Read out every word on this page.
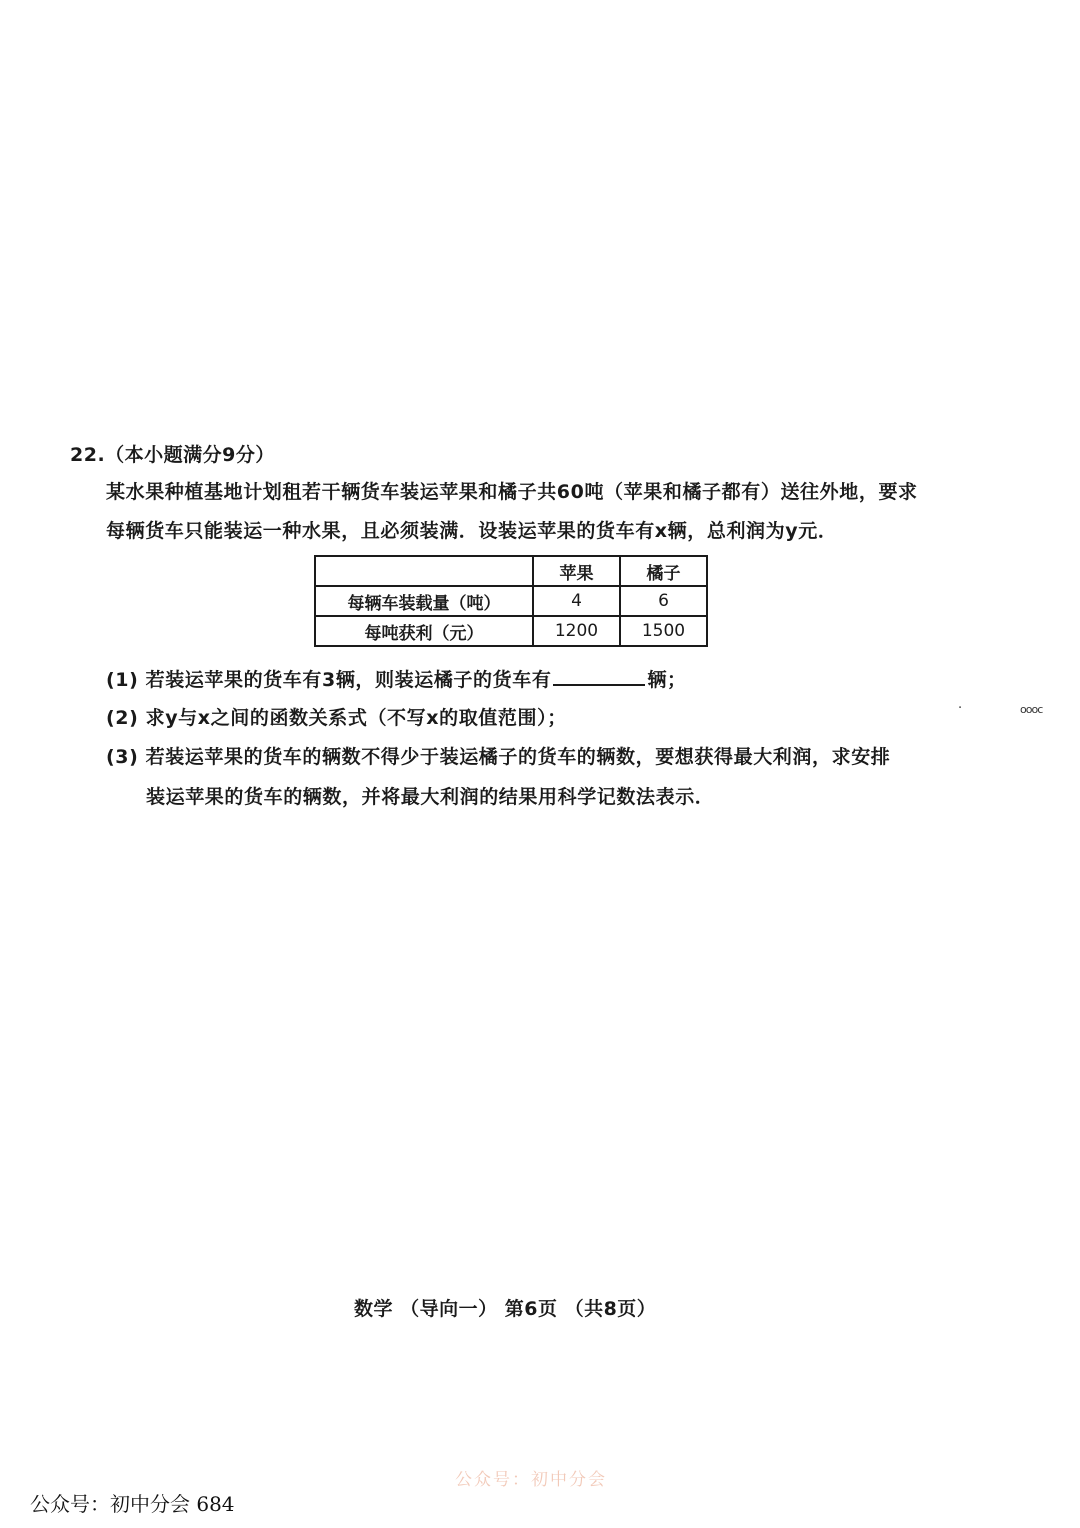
22.（本小题满分9分）
某水果种植基地计划租若干辆货车装运苹果和橘子共60吨（苹果和橘子都有）送往外地，要求
每辆货车只能装运一种水果，且必须装满．设装运苹果的货车有x辆，总利润为y元．
	苹果	橘子
每辆车装载量（吨）	4	6
每吨获利（元）	1200	1500
(1) 若装运苹果的货车有3辆，则装运橘子的货车有	辆；
(2) 求y与x之间的函数关系式（不写x的取值范围）；
(3) 若装运苹果的货车的辆数不得少于装运橘子的货车的辆数，要想获得最大利润，求安排
装运苹果的货车的辆数，并将最大利润的结果用科学记数法表示．
·	oooc
数学 （导向一） 第6页 （共8页）
公众号：初中分会
公众号：初中分会 684
